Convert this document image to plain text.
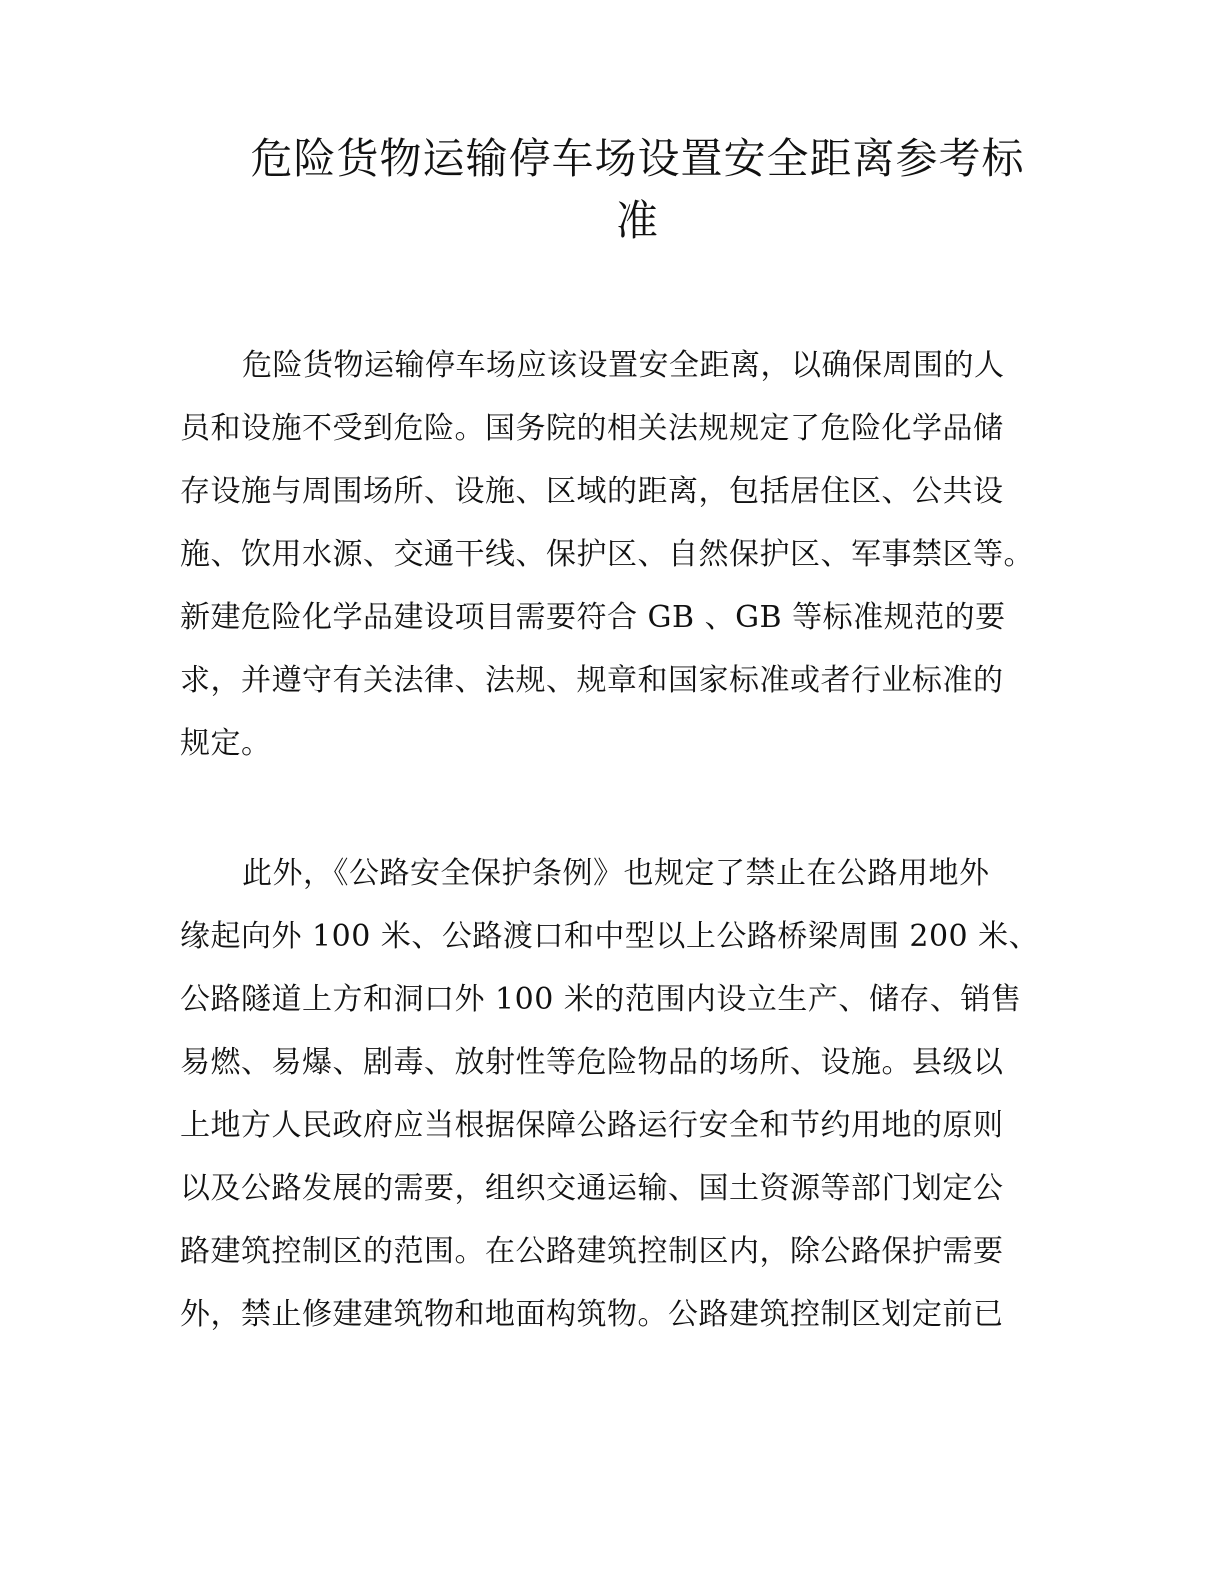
危险货物运输停车场设置安全距离参考标
准
危险货物运输停车场应该设置安全距离，以确保周围的人
员和设施不受到危险。国务院的相关法规规定了危险化学品储
存设施与周围场所、设施、区域的距离，包括居住区、公共设
施、饮用水源、交通干线、保护区、自然保护区、军事禁区等。
新建危险化学品建设项目需要符合 GB 、GB 等标准规范的要
求，并遵守有关法律、法规、规章和国家标准或者行业标准的
规定。
此外，《公路安全保护条例》也规定了禁止在公路用地外
缘起向外 100 米、公路渡口和中型以上公路桥梁周围 200 米、
公路隧道上方和洞口外 100 米的范围内设立生产、储存、销售
易燃、易爆、剧毒、放射性等危险物品的场所、设施。县级以
上地方人民政府应当根据保障公路运行安全和节约用地的原则
以及公路发展的需要，组织交通运输、国土资源等部门划定公
路建筑控制区的范围。在公路建筑控制区内，除公路保护需要
外，禁止修建建筑物和地面构筑物。公路建筑控制区划定前已
